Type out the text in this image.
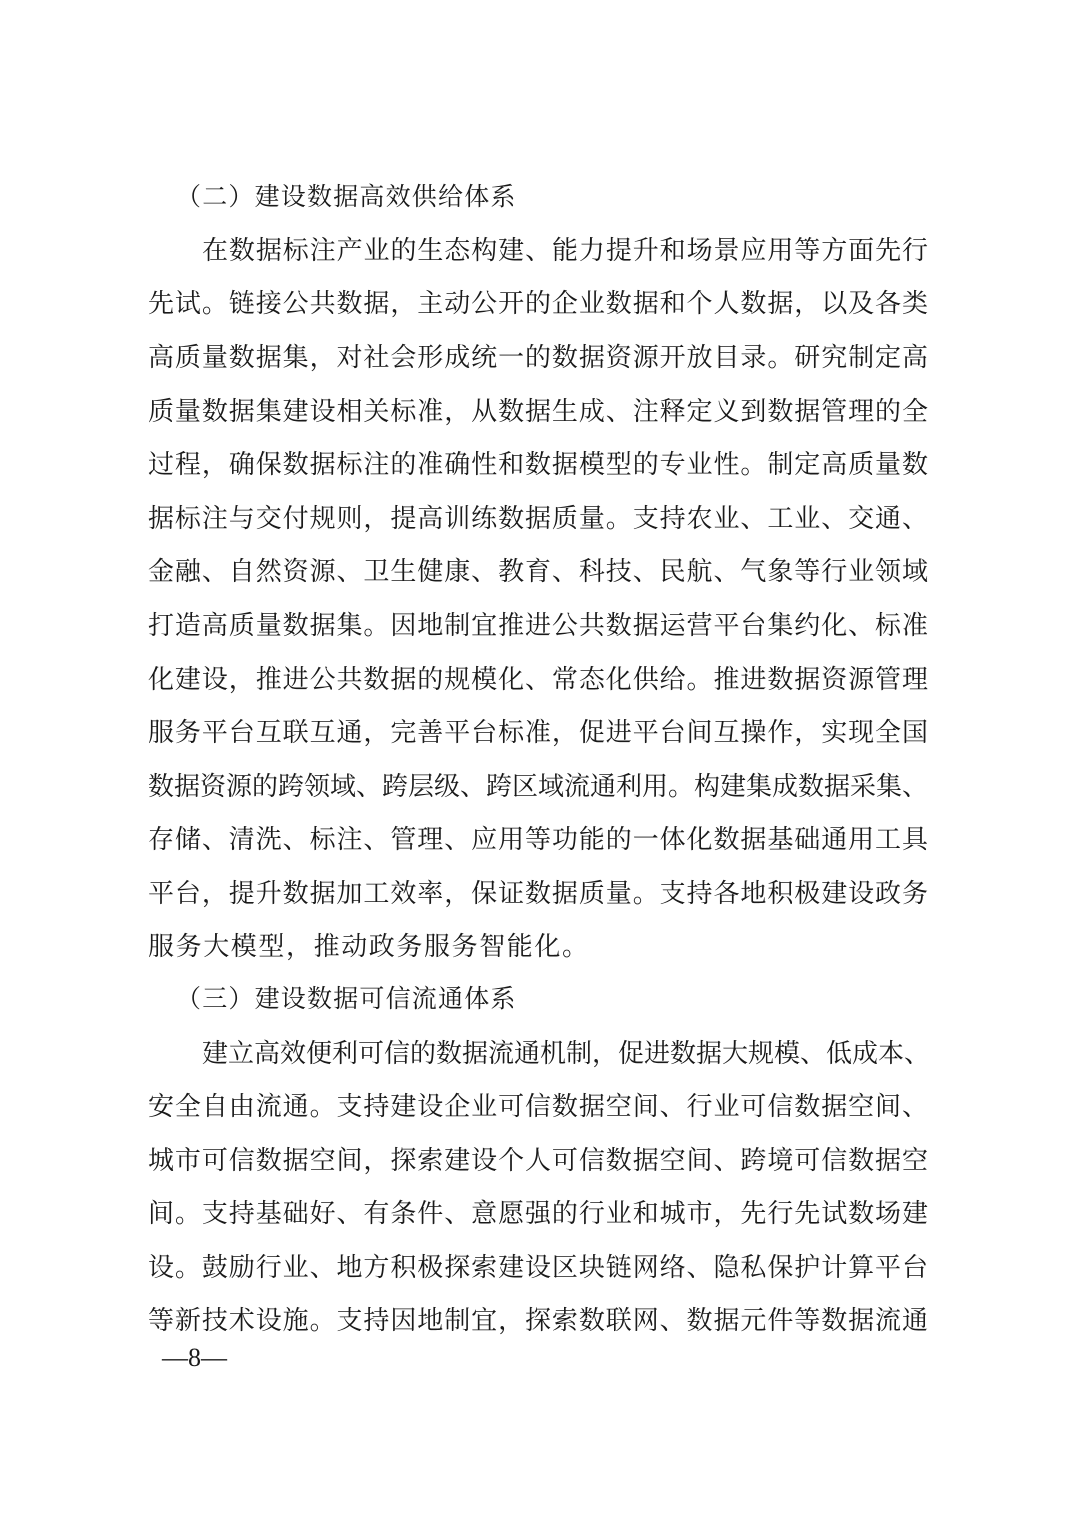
（二）建设数据高效供给体系
在数据标注产业的生态构建、能力提升和场景应用等方面先行
先试。链接公共数据，主动公开的企业数据和个人数据，以及各类
高质量数据集，对社会形成统一的数据资源开放目录。研究制定高
质量数据集建设相关标准，从数据生成、注释定义到数据管理的全
过程，确保数据标注的准确性和数据模型的专业性。制定高质量数
据标注与交付规则，提高训练数据质量。支持农业、工业、交通、
金融、自然资源、卫生健康、教育、科技、民航、气象等行业领域
打造高质量数据集。因地制宜推进公共数据运营平台集约化、标准
化建设，推进公共数据的规模化、常态化供给。推进数据资源管理
服务平台互联互通，完善平台标准，促进平台间互操作，实现全国
数据资源的跨领域、跨层级、跨区域流通利用。构建集成数据采集、
存储、清洗、标注、管理、应用等功能的一体化数据基础通用工具
平台，提升数据加工效率，保证数据质量。支持各地积极建设政务
服务大模型，推动政务服务智能化。
（三）建设数据可信流通体系
建立高效便利可信的数据流通机制，促进数据大规模、低成本、
安全自由流通。支持建设企业可信数据空间、行业可信数据空间、
城市可信数据空间，探索建设个人可信数据空间、跨境可信数据空
间。支持基础好、有条件、意愿强的行业和城市，先行先试数场建
设。鼓励行业、地方积极探索建设区块链网络、隐私保护计算平台
等新技术设施。支持因地制宜，探索数联网、数据元件等数据流通
—8—
